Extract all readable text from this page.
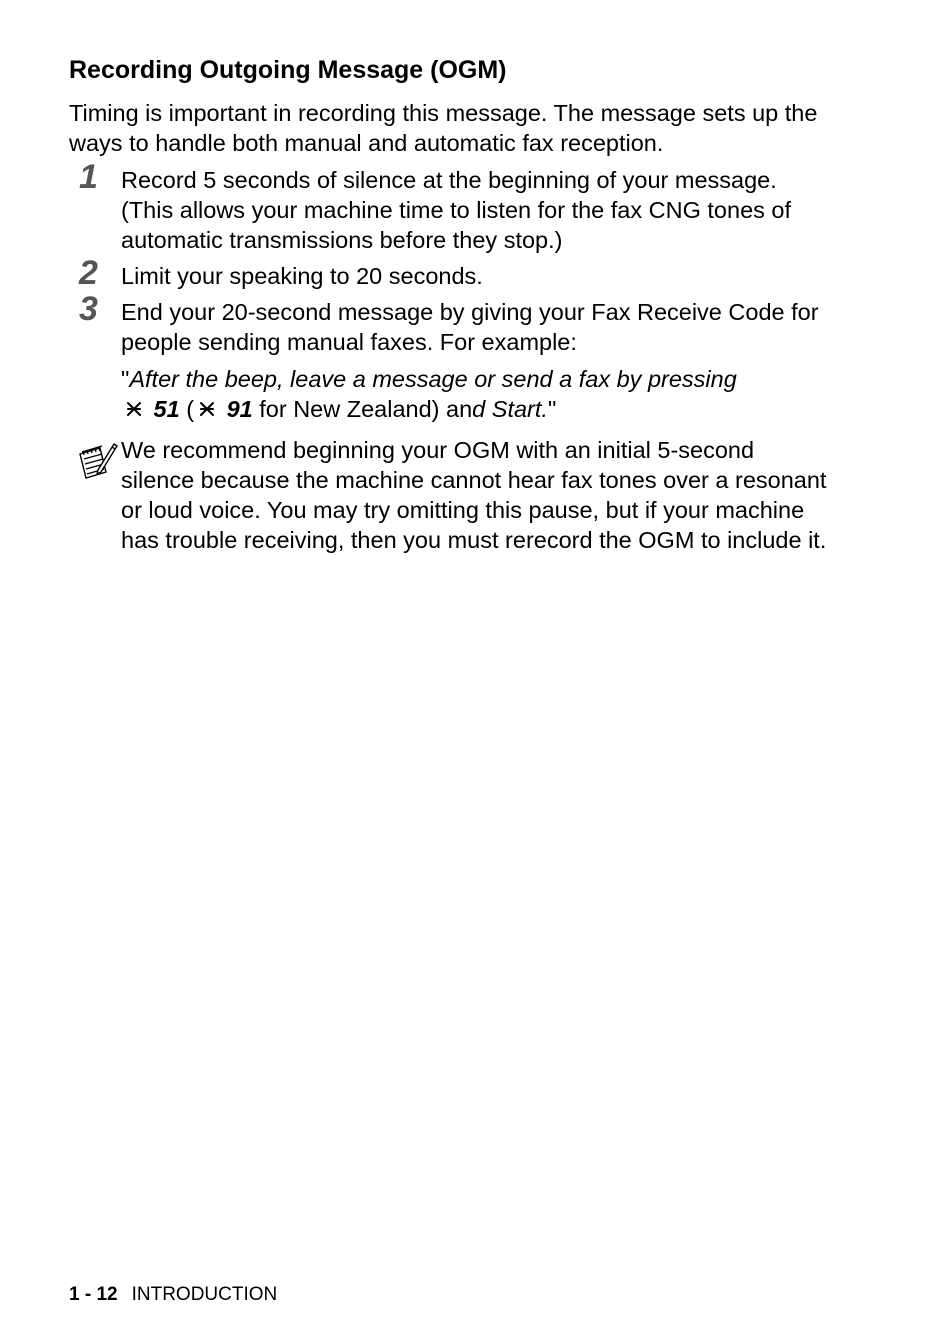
Recording Outgoing Message (OGM)

Timing is important in recording this message. The message sets up the ways to handle both manual and automatic fax reception.

1 Record 5 seconds of silence at the beginning of your message. (This allows your machine time to listen for the fax CNG tones of automatic transmissions before they stop.)
2 Limit your speaking to 20 seconds.
3 End your 20-second message by giving your Fax Receive Code for people sending manual faxes. For example:
"After the beep, leave a message or send a fax by pressing
51 ( 91 for New Zealand) and Start."
We recommend beginning your OGM with an initial 5-second silence because the machine cannot hear fax tones over a resonant or loud voice. You may try omitting this pause, but if your machine has trouble receiving, then you must rerecord the OGM to include it.
1 - 12 INTRODUCTION
